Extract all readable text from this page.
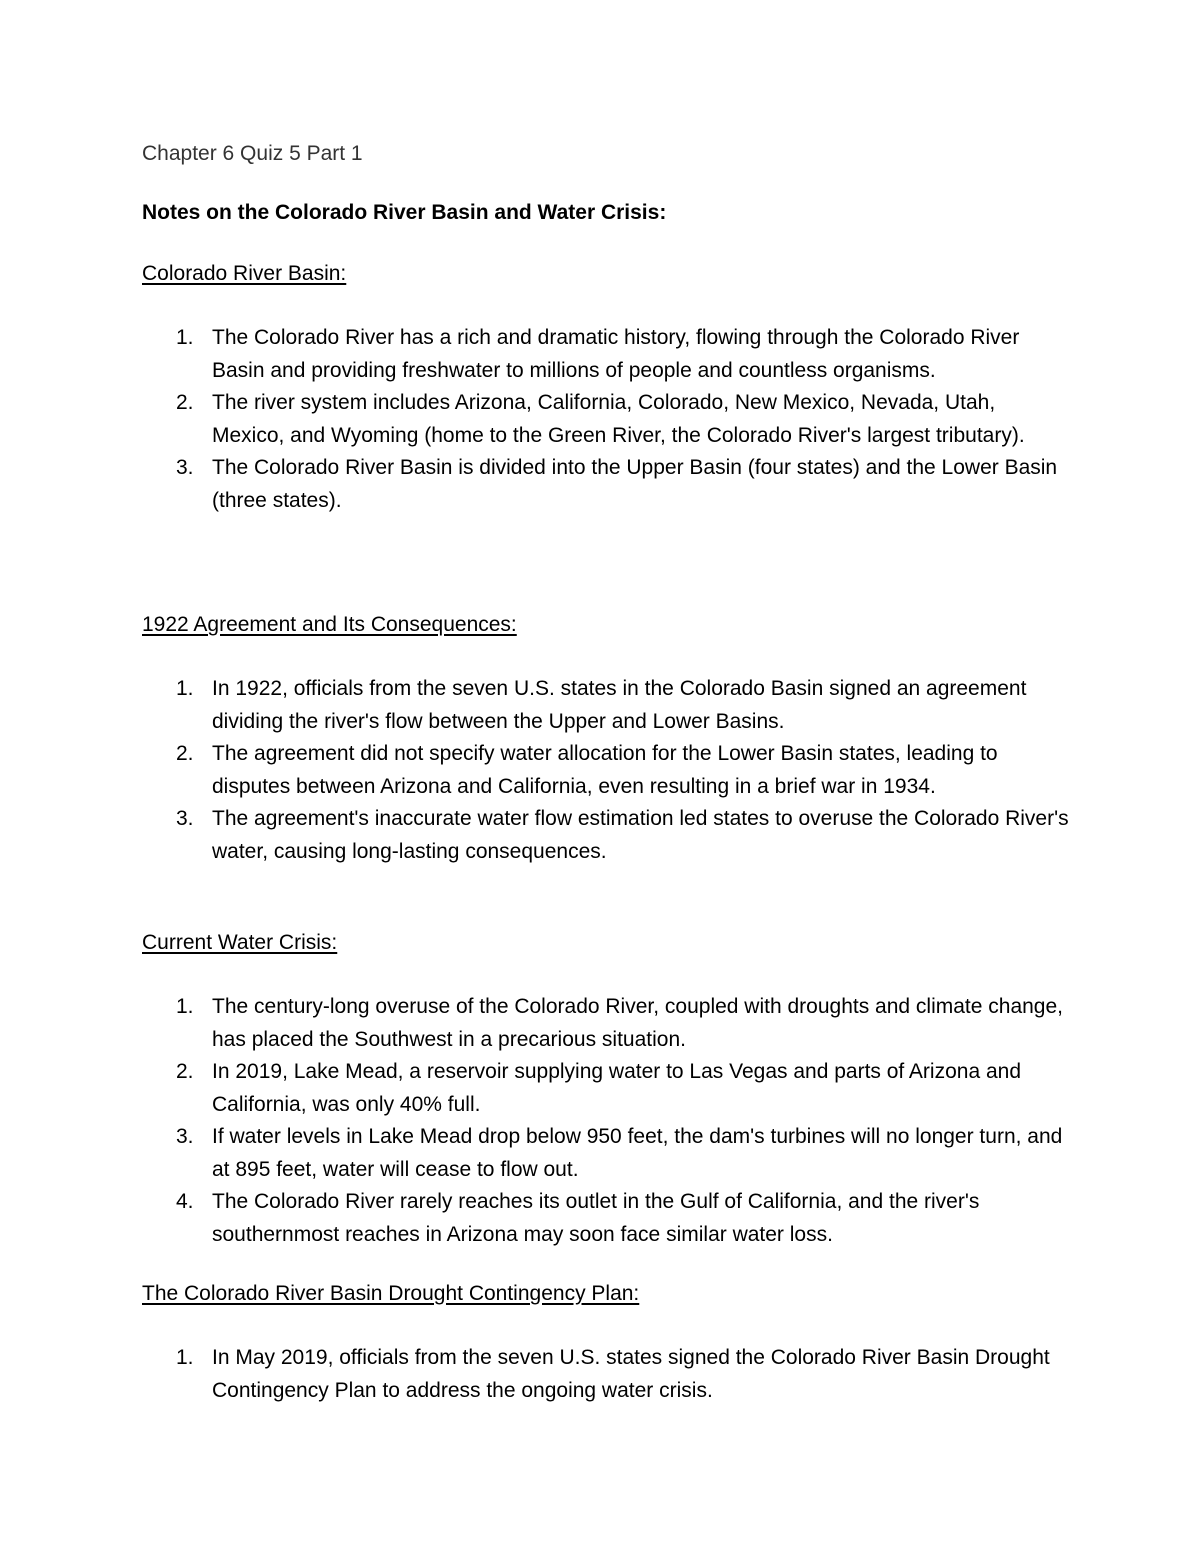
Chapter 6 Quiz 5 Part 1
Notes on the Colorado River Basin and Water Crisis:

Colorado River Basin:

1. The Colorado River has a rich and dramatic history, flowing through the Colorado River Basin and providing freshwater to millions of people and countless organisms.
2. The river system includes Arizona, California, Colorado, New Mexico, Nevada, Utah, Mexico, and Wyoming (home to the Green River, the Colorado River's largest tributary).
3. The Colorado River Basin is divided into the Upper Basin (four states) and the Lower Basin (three states).

1922 Agreement and Its Consequences:

1. In 1922, officials from the seven U.S. states in the Colorado Basin signed an agreement dividing the river's flow between the Upper and Lower Basins.
2. The agreement did not specify water allocation for the Lower Basin states, leading to disputes between Arizona and California, even resulting in a brief war in 1934.
3. The agreement's inaccurate water flow estimation led states to overuse the Colorado River's water, causing long-lasting consequences.

Current Water Crisis:

1. The century-long overuse of the Colorado River, coupled with droughts and climate change, has placed the Southwest in a precarious situation.
2. In 2019, Lake Mead, a reservoir supplying water to Las Vegas and parts of Arizona and California, was only 40% full.
3. If water levels in Lake Mead drop below 950 feet, the dam's turbines will no longer turn, and at 895 feet, water will cease to flow out.
4. The Colorado River rarely reaches its outlet in the Gulf of California, and the river's southernmost reaches in Arizona may soon face similar water loss.

The Colorado River Basin Drought Contingency Plan:

1. In May 2019, officials from the seven U.S. states signed the Colorado River Basin Drought Contingency Plan to address the ongoing water crisis.
